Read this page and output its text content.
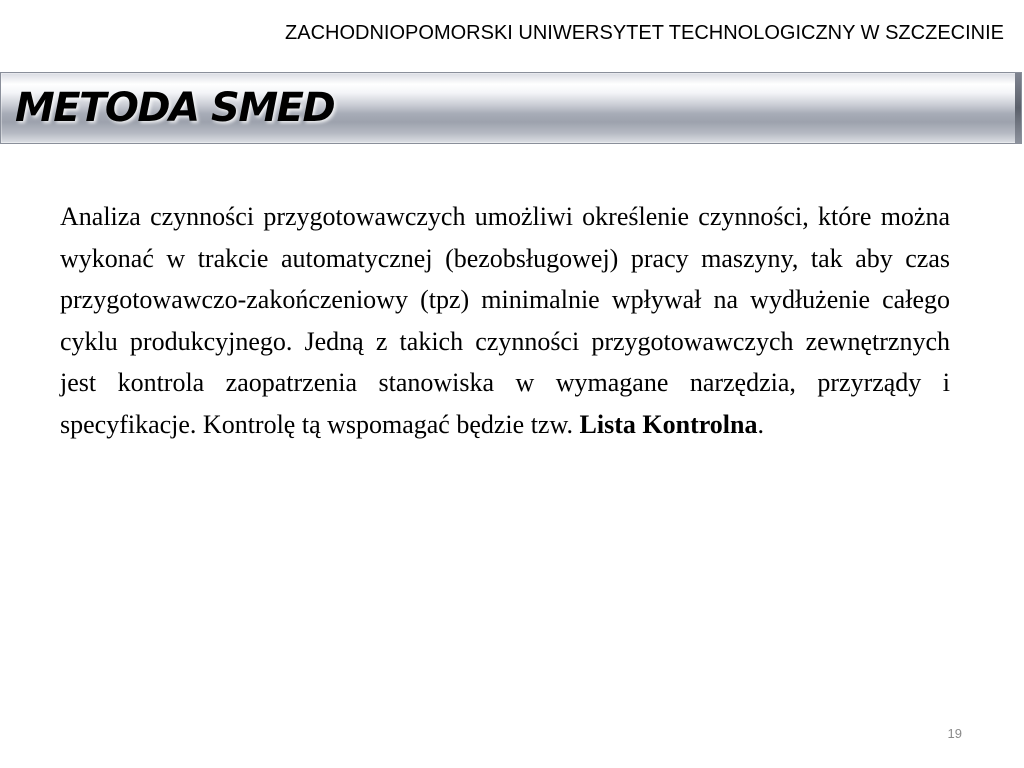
ZACHODNIOPOMORSKI UNIWERSYTET TECHNOLOGICZNY W SZCZECINIE
METODA SMED

Analiza czynności przygotowawczych umożliwi określenie czynności, które można wykonać w trakcie automatycznej (bezobsługowej) pracy maszyny, tak aby czas przygotowawczo-zakończeniowy (tpz) minimalnie wpływał na wydłużenie całego cyklu produkcyjnego. Jedną z takich czynności przygotowawczych zewnętrznych jest kontrola zaopatrzenia stanowiska w wymagane narzędzia, przyrządy i specyfikacje. Kontrolę tą wspomagać będzie tzw. Lista Kontrolna.

19
